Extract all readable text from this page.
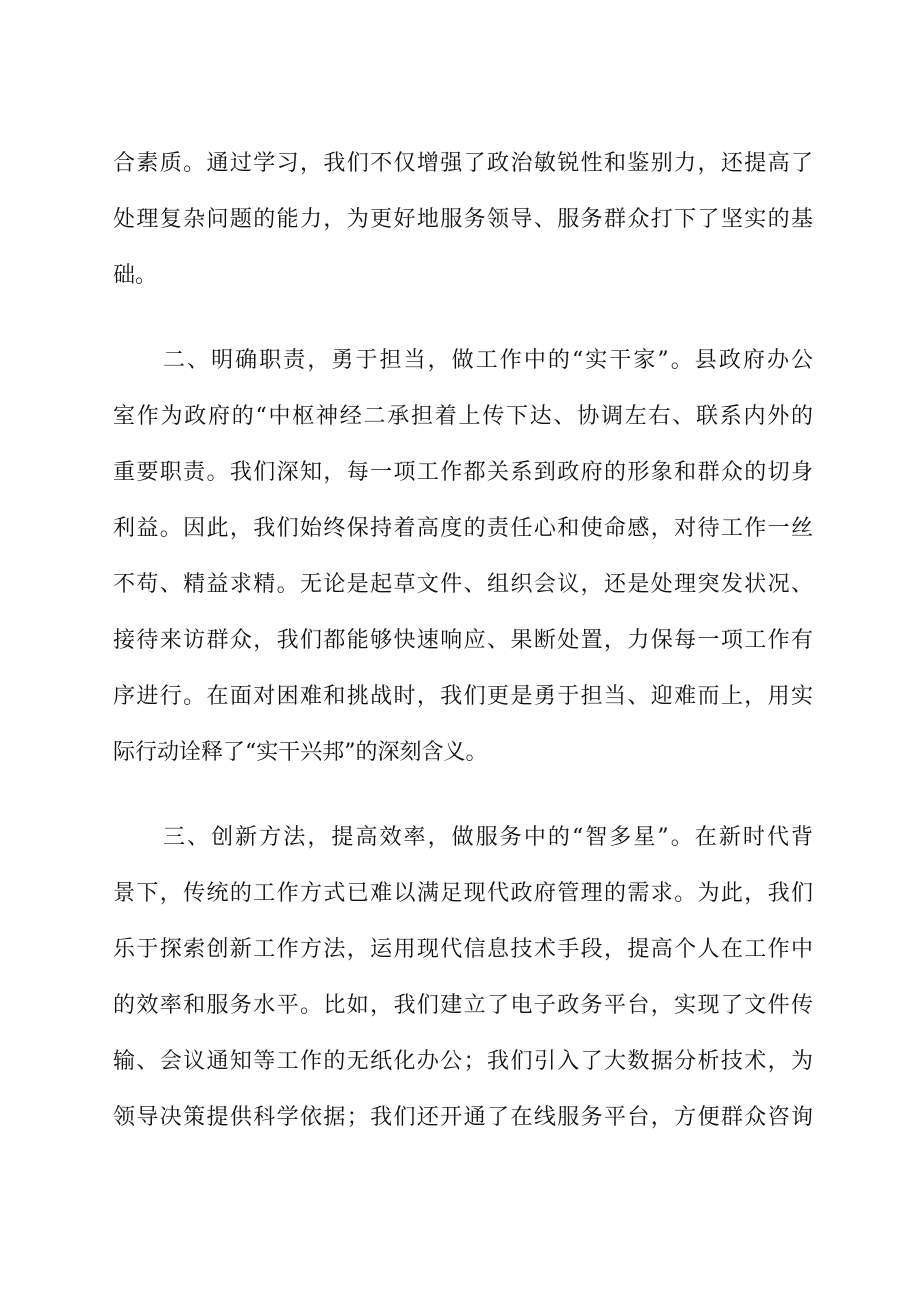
合素质。通过学习，我们不仅增强了政治敏锐性和鉴别力，还提高了

处理复杂问题的能力，为更好地服务领导、服务群众打下了坚实的基

础。

二、明确职责，勇于担当，做工作中的“实干家”。县政府办公

室作为政府的“中枢神经二承担着上传下达、协调左右、联系内外的

重要职责。我们深知，每一项工作都关系到政府的形象和群众的切身

利益。因此，我们始终保持着高度的责任心和使命感，对待工作一丝

不苟、精益求精。无论是起草文件、组织会议，还是处理突发状况、

接待来访群众，我们都能够快速响应、果断处置，力保每一项工作有

序进行。在面对困难和挑战时，我们更是勇于担当、迎难而上，用实

际行动诠释了“实干兴邦”的深刻含义。

三、创新方法，提高效率，做服务中的“智多星”。在新时代背

景下，传统的工作方式已难以满足现代政府管理的需求。为此，我们

乐于探索创新工作方法，运用现代信息技术手段，提高个人在工作中

的效率和服务水平。比如，我们建立了电子政务平台，实现了文件传

输、会议通知等工作的无纸化办公；我们引入了大数据分析技术，为

领导决策提供科学依据；我们还开通了在线服务平台，方便群众咨询
